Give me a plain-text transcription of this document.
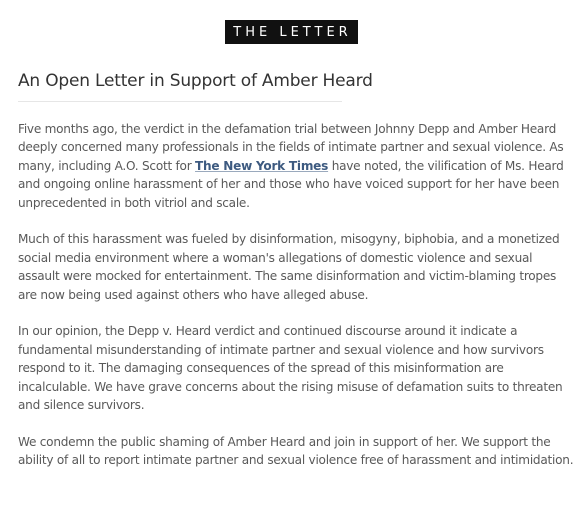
THE LETTER
An Open Letter in Support of Amber Heard

Five months ago, the verdict in the defamation trial between Johnny Depp and Amber Heard deeply concerned many professionals in the fields of intimate partner and sexual violence. As many, including A.O. Scott for The New York Times have noted, the vilification of Ms. Heard and ongoing online harassment of her and those who have voiced support for her have been unprecedented in both vitriol and scale.

Much of this harassment was fueled by disinformation, misogyny, biphobia, and a monetized social media environment where a woman's allegations of domestic violence and sexual assault were mocked for entertainment. The same disinformation and victim-blaming tropes are now being used against others who have alleged abuse.

In our opinion, the Depp v. Heard verdict and continued discourse around it indicate a fundamental misunderstanding of intimate partner and sexual violence and how survivors respond to it. The damaging consequences of the spread of this misinformation are incalculable. We have grave concerns about the rising misuse of defamation suits to threaten and silence survivors.

We condemn the public shaming of Amber Heard and join in support of her. We support the ability of all to report intimate partner and sexual violence free of harassment and intimidation.
